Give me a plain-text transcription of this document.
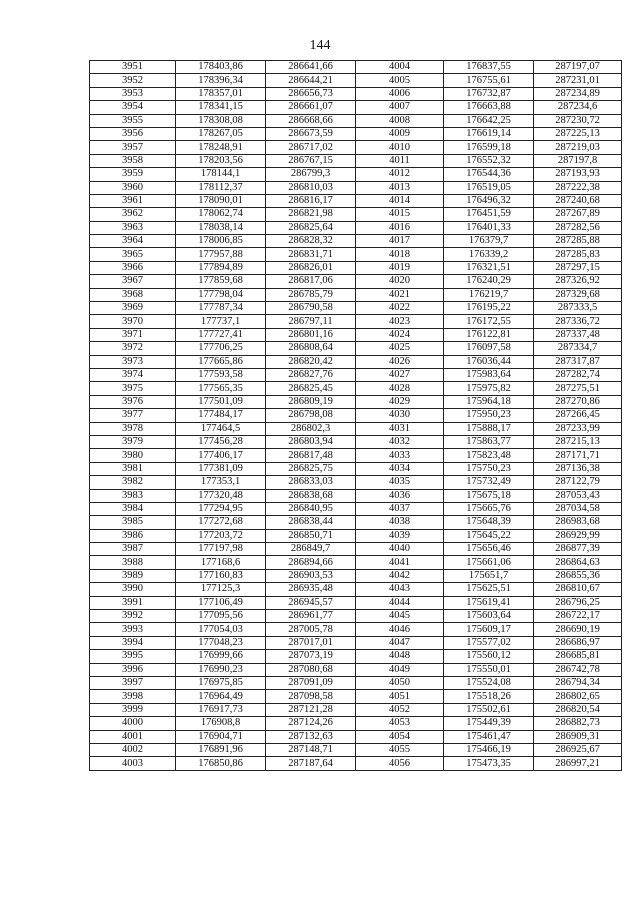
144
3951	178403,86	286641,66	4004	176837,55	287197,07
3952	178396,34	286644,21	4005	176755,61	287231,01
3953	178357,01	286656,73	4006	176732,87	287234,89
3954	178341,15	286661,07	4007	176663,88	287234,6
3955	178308,08	286668,66	4008	176642,25	287230,72
3956	178267,05	286673,59	4009	176619,14	287225,13
3957	178248,91	286717,02	4010	176599,18	287219,03
3958	178203,56	286767,15	4011	176552,32	287197,8
3959	178144,1	286799,3	4012	176544,36	287193,93
3960	178112,37	286810,03	4013	176519,05	287222,38
3961	178090,01	286816,17	4014	176496,32	287240,68
3962	178062,74	286821,98	4015	176451,59	287267,89
3963	178038,14	286825,64	4016	176401,33	287282,56
3964	178006,85	286828,32	4017	176379,7	287285,88
3965	177957,88	286831,71	4018	176339,2	287285,83
3966	177894,89	286826,01	4019	176321,51	287297,15
3967	177859,68	286817,06	4020	176240,29	287326,92
3968	177798,04	286785,79	4021	176219,7	287329,68
3969	177787,34	286790,58	4022	176195,22	287333,5
3970	177737,1	286797,11	4023	176172,55	287336,72
3971	177727,41	286801,16	4024	176122,81	287337,48
3972	177706,25	286808,64	4025	176097,58	287334,7
3973	177665,86	286820,42	4026	176036,44	287317,87
3974	177593,58	286827,76	4027	175983,64	287282,74
3975	177565,35	286825,45	4028	175975,82	287275,51
3976	177501,09	286809,19	4029	175964,18	287270,86
3977	177484,17	286798,08	4030	175950,23	287266,45
3978	177464,5	286802,3	4031	175888,17	287233,99
3979	177456,28	286803,94	4032	175863,77	287215,13
3980	177406,17	286817,48	4033	175823,48	287171,71
3981	177381,09	286825,75	4034	175750,23	287136,38
3982	177353,1	286833,03	4035	175732,49	287122,79
3983	177320,48	286838,68	4036	175675,18	287053,43
3984	177294,95	286840,95	4037	175665,76	287034,58
3985	177272,68	286838,44	4038	175648,39	286983,68
3986	177203,72	286850,71	4039	175645,22	286929,99
3987	177197,98	286849,7	4040	175656,46	286877,39
3988	177168,6	286894,66	4041	175661,06	286864,63
3989	177160,83	286903,53	4042	175651,7	286855,36
3990	177125,3	286935,48	4043	175625,51	286810,67
3991	177106,49	286945,57	4044	175619,41	286796,25
3992	177095,56	286961,77	4045	175603,64	286722,17
3993	177054,03	287005,78	4046	175609,17	286690,19
3994	177048,23	287017,01	4047	175577,02	286686,97
3995	176999,66	287073,19	4048	175560,12	286685,81
3996	176990,23	287080,68	4049	175550,01	286742,78
3997	176975,85	287091,09	4050	175524,08	286794,34
3998	176964,49	287098,58	4051	175518,26	286802,65
3999	176917,73	287121,28	4052	175502,61	286820,54
4000	176908,8	287124,26	4053	175449,39	286882,73
4001	176904,71	287132,63	4054	175461,47	286909,31
4002	176891,96	287148,71	4055	175466,19	286925,67
4003	176850,86	287187,64	4056	175473,35	286997,21
